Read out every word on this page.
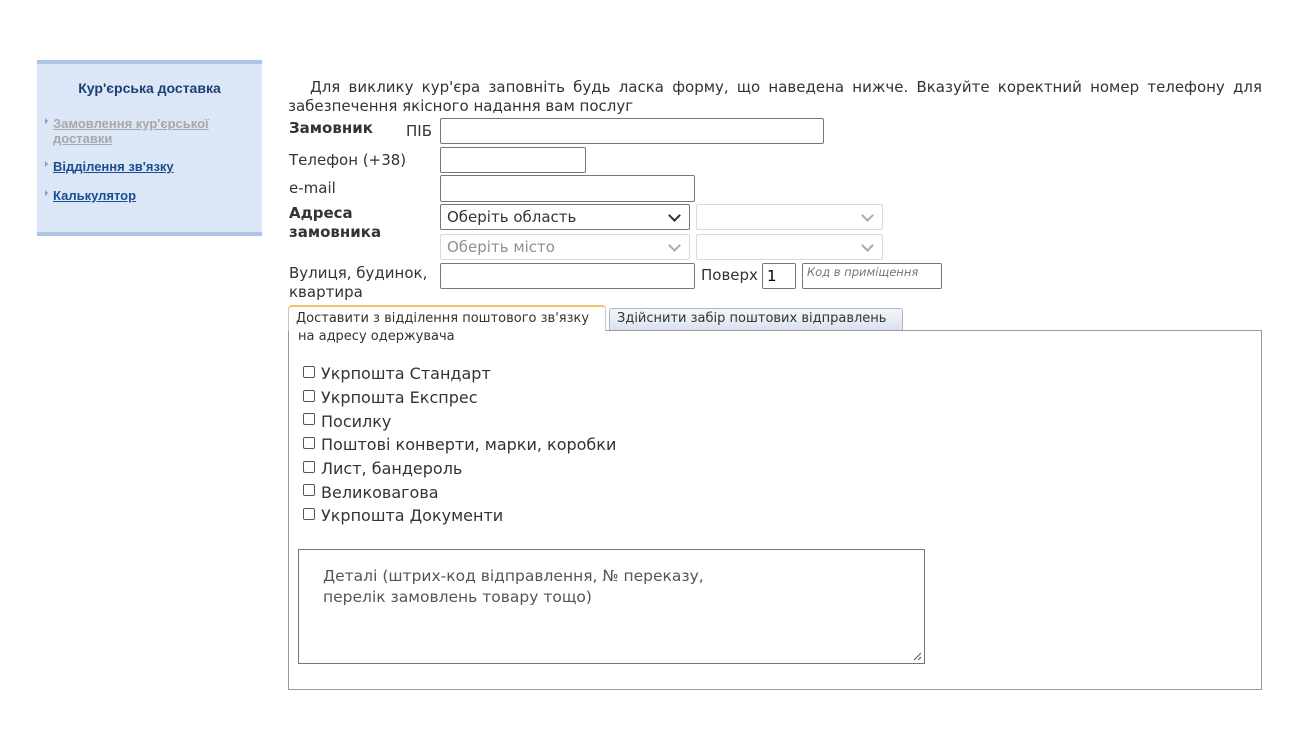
Кур'єрська доставка
Замовлення кур'єрської доставки
Відділення зв'язку
Калькулятор
Для виклику кур'єра заповніть будь ласка форму, що наведена нижче. Вказуйте коректний номер телефону для забезпечення якісного надання вам послуг
Замовник ПІБ
Телефон (+38)
e-mail
Адреса
замовника
Оберіть область
Оберіть місто
Вулиця, будинок,
квартира
Поверх
1
Код в приміщення
Доставити з відділення поштового зв'язку
на адресу одержувача
Здійснити забір поштових відправлень
Укрпошта Стандарт
Укрпошта Експрес
Посилку
Поштові конверти, марки, коробки
Лист, бандероль
Великовагова
Укрпошта Документи
Деталі (штрих-код відправлення, № переказу,
перелік замовлень товару тощо)
